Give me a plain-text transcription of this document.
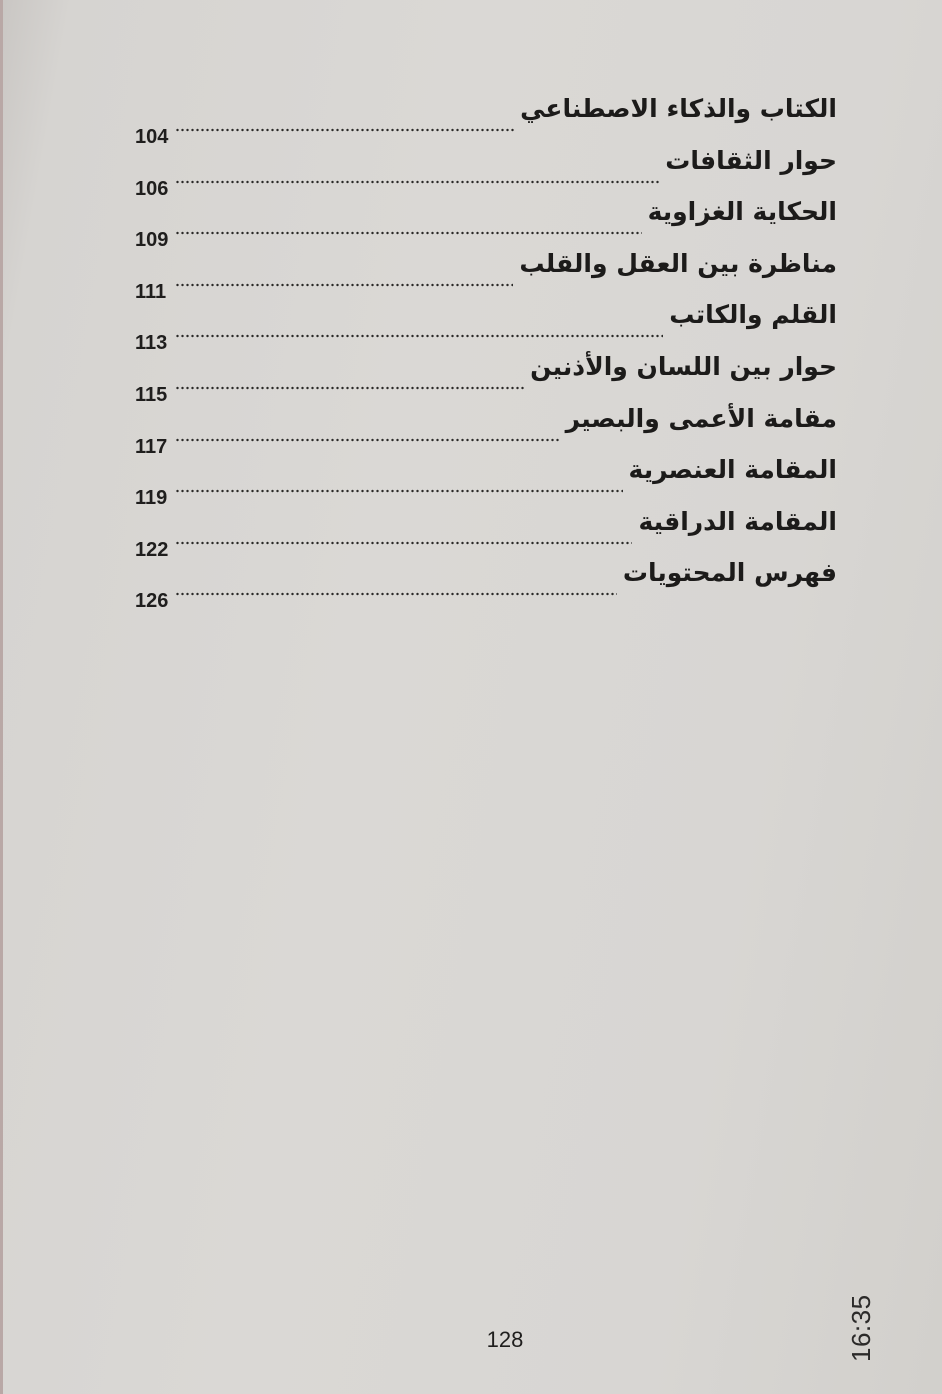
الكتاب والذكاء الاصطناعي
104
حوار الثقافات
106
الحكاية الغزاوية
109
مناظرة بين العقل والقلب
111
القلم والكاتب
113
حوار بين اللسان والأذنين
115
مقامة الأعمى والبصير
117
المقامة العنصرية
119
المقامة الدراقية
122
فهرس المحتويات
126
128	16:35
